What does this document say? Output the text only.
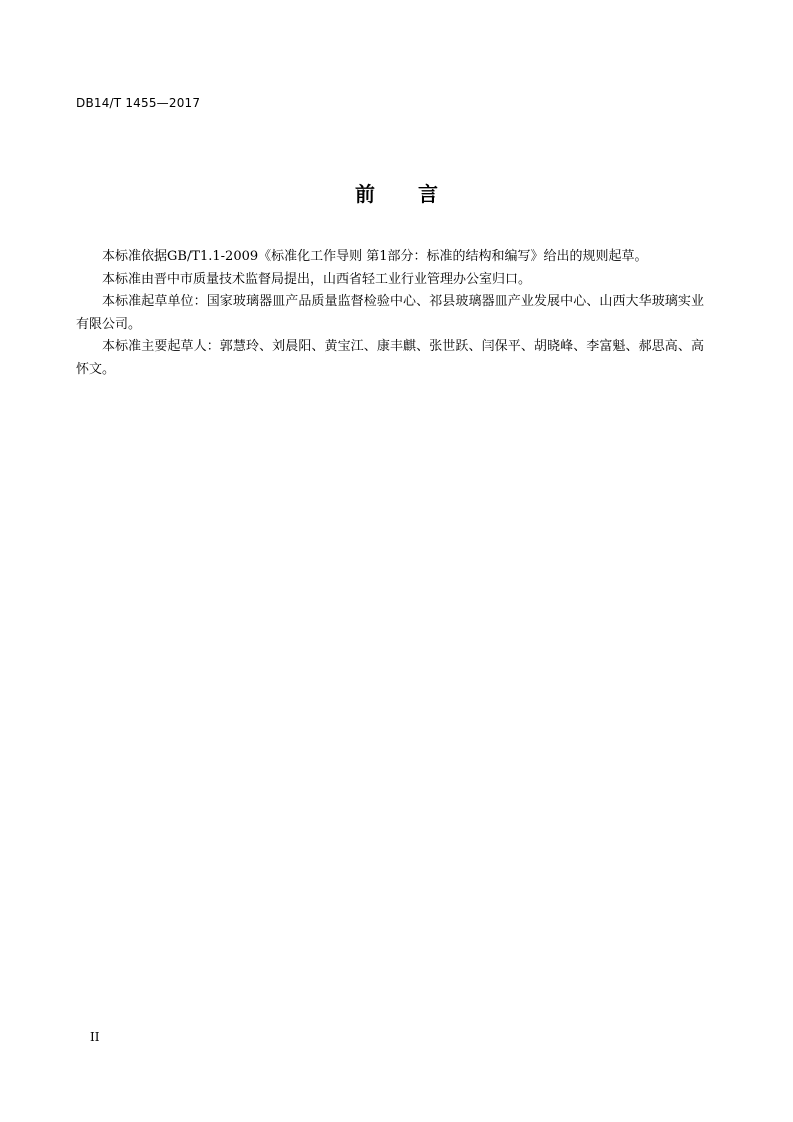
DB14/T 1455—2017
前 言

本标准依据GB/T1.1-2009《标准化工作导则 第1部分：标准的结构和编写》给出的规则起草。

本标准由晋中市质量技术监督局提出，山西省轻工业行业管理办公室归口。

本标准起草单位：国家玻璃器皿产品质量监督检验中心、祁县玻璃器皿产业发展中心、山西大华玻璃实业有限公司。

本标准主要起草人：郭慧玲、刘晨阳、黄宝江、康丰麒、张世跃、闫保平、胡晓峰、李富魁、郝思高、高怀文。

II
